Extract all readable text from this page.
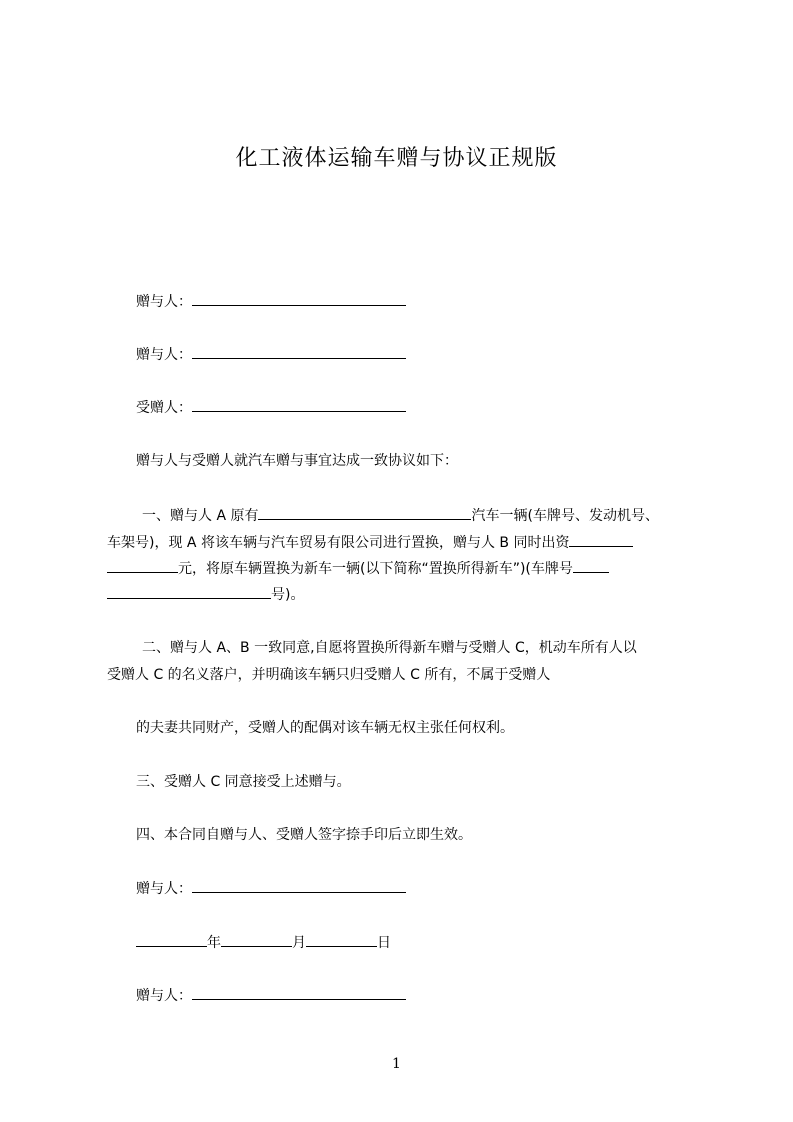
化工液体运输车赠与协议正规版
赠与人：
赠与人：
受赠人：
赠与人与受赠人就汽车赠与事宜达成一致协议如下：
一、赠与人 A 原有	汽车一辆(车牌号、发动机号、
车架号)，现 A 将该车辆与汽车贸易有限公司进行置换，赠与人 B 同时出资
元，将原车辆置换为新车一辆(以下简称“置换所得新车”)(车牌号
号)。
二、赠与人 A、B 一致同意,自愿将置换所得新车赠与受赠人 C，机动车所有人以
受赠人 C 的名义落户，并明确该车辆只归受赠人 C 所有，不属于受赠人
的夫妻共同财产，受赠人的配偶对该车辆无权主张任何权利。
三、受赠人 C 同意接受上述赠与。
四、本合同自赠与人、受赠人签字捺手印后立即生效。
赠与人：
年	月	日
赠与人：
1
